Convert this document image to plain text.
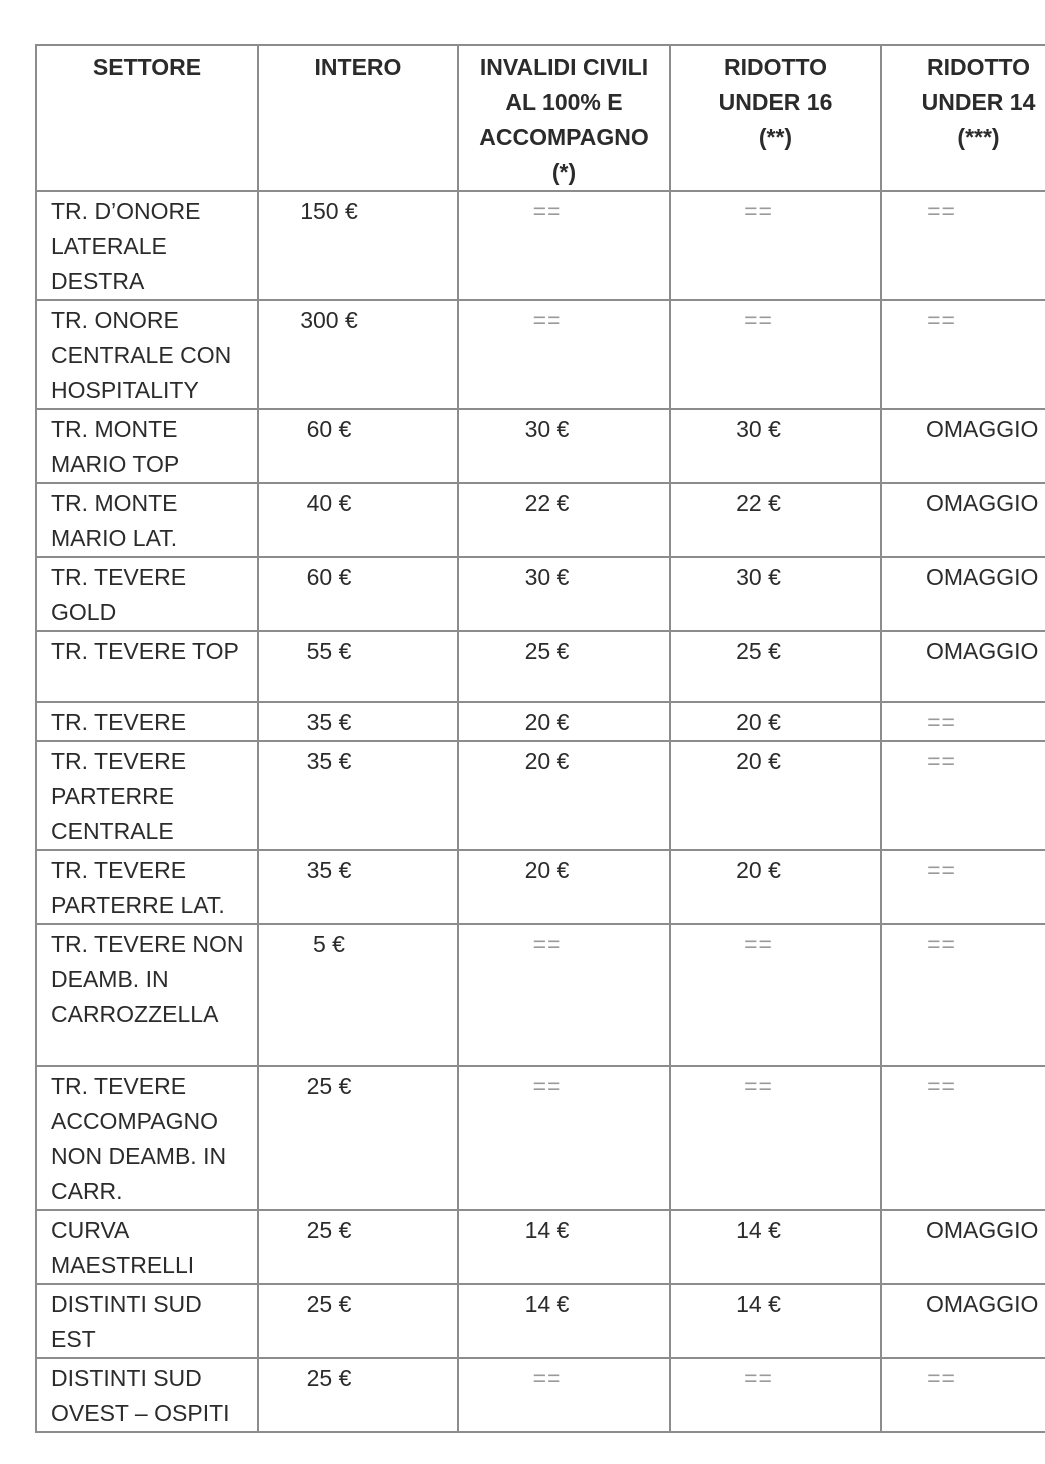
SETTORE	INTERO	INVALIDI CIVILI AL 100% E ACCOMPAGNO (*)	RIDOTTO UNDER 16 (**)	RIDOTTO UNDER 14 (***)

TR. D’ONORE LATERALE DESTRA	150 €	==	==	==

TR. ONORE CENTRALE CON HOSPITALITY	300 €	==	==	==

TR. MONTE MARIO TOP	60 €	30 €	30 €	OMAGGIO

TR. MONTE MARIO LAT.	40 €	22 €	22 €	OMAGGIO

TR. TEVERE GOLD	60 €	30 €	30 €	OMAGGIO

TR. TEVERE TOP	55 €	25 €	25 €	OMAGGIO

TR. TEVERE	35 €	20 €	20 €	==

TR. TEVERE PARTERRE CENTRALE	35 €	20 €	20 €	==

TR. TEVERE PARTERRE LAT.	35 €	20 €	20 €	==

TR. TEVERE NON DEAMB. IN CARROZZELLA	5 €	==	==	==

TR. TEVERE ACCOMPAGNO NON DEAMB. IN CARR.	25 €	==	==	==

CURVA MAESTRELLI	25 €	14 €	14 €	OMAGGIO

DISTINTI SUD EST	25 €	14 €	14 €	OMAGGIO

DISTINTI SUD OVEST – OSPITI	25 €	==	==	==
